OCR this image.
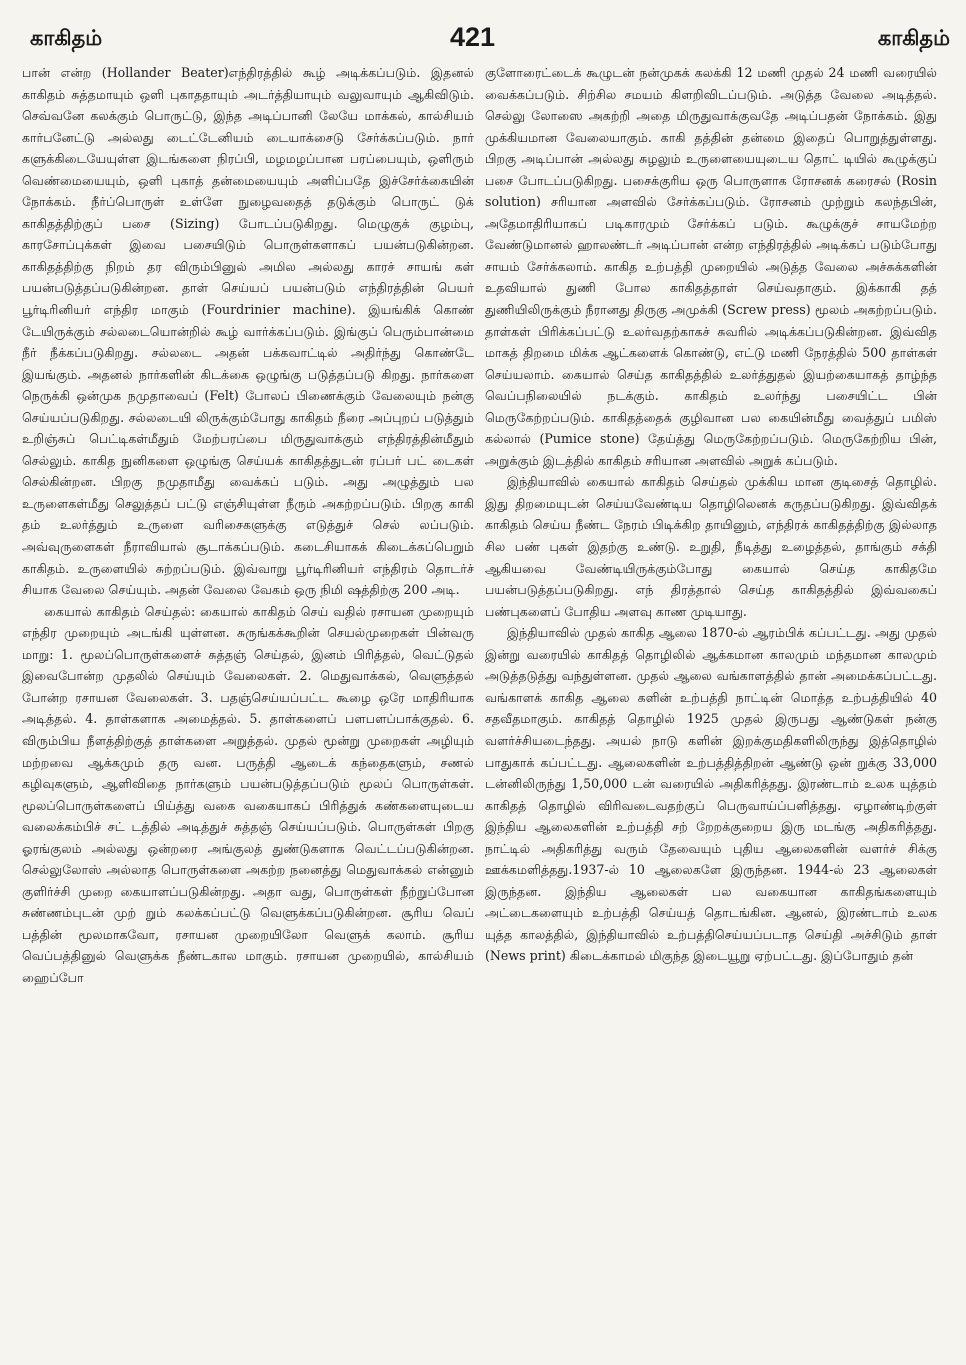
காகிதம்	421	காகிதம்

பான் என்ற (Hollander Beater)எந்திரத்தில் கூழ் அடிக்கப்படும். இதனல் காகிதம் சுத்தமாயும் ஒளி புகாததாயும் அடர்த்தியாயும் வலுவாயும் ஆகிவிடும். செவ்வனே கலக்கும் பொருட்டு, இந்த அடிப்பானி லேயே மாக்கல், கால்சியம் கார்பனேட்டு அல்லது டைட்டேனியம் டையாக்சைடு சேர்க்கப்படும். நார் களுக்கிடையேயுள்ள இடங்களை நிரப்பி, மழமழப்பான பரப்பையும், ஒளிரும் வெண்மையையும், ஒளி புகாத் தன்மையையும் அளிப்பதே இச்சேர்க்கையின் நோக்கம். நீர்ப்பொருள் உள்ளே நுழைவதைத் தடுக்கும் பொருட் டுக் காகிதத்திற்குப் பசை (Sizing) போடப்படுகிறது. மெழுகுக் குழம்பு, காரசோப்புக்கள் இவை பசையிடும் பொருள்களாகப் பயன்படுகின்றன. காகிதத்திற்கு நிறம் தர விரும்பினுல் அமில அல்லது காரச் சாயங் கள் பயன்படுத்தப்படுகின்றன. தாள் செய்யப் பயன்படும் எந்திரத்தின் பெயர் பூர்டிரினியர் எந்திர மாகும் (Fourdrinier machine). இயங்கிக் கொண் டேயிருக்கும் சல்லடையொன்றில் கூழ் வார்க்கப்படும். இங்குப் பெரும்பான்மை நீர் நீக்கப்படுகிறது. சல்லடை அதன் பக்கவாட்டில் அதிர்ந்து கொண்டே இயங்கும். அதனல் நார்களின் கிடக்கை ஒழுங்கு படுத்தப்படு கிறது. நார்களை நெருக்கி ஒன்முக நமுதாவைப் (Felt) போலப் பிணைக்கும் வேலையும் நன்கு செய்யப்படுகிறது. சல்லடையி லிருக்கும்போது காகிதம் நீரை அப்புறப் படுத்தும் உறிஞ்சுப் பெட்டிகள்மீதும் மேற்பரப்பை மிருதுவாக்கும் எந்திரத்தின்மீதும் செல்லும். காகித நுனிகளை ஒழுங்கு செய்யக் காகிதத்துடன் ரப்பர் பட் டைகள் செல்கின்றன. பிறகு நமுதாமீது வைக்கப் படும். அது அழுத்தும் பல உருளைகள்மீது செலுத்தப் பட்டு எஞ்சியுள்ள நீரும் அகற்றப்படும். பிறகு காகி தம் உலர்த்தும் உருளை வரிசைகளுக்கு எடுத்துச் செல் லப்படும். அவ்வுருளைகள் நீராவியால் சூடாக்கப்படும். கடைசியாகக் கிடைக்கப்பெறும் காகிதம். உருளையில் சுற்றப்படும். இவ்வாறு பூர்டிரினியர் எந்திரம் தொடர்ச் சியாக வேலை செய்யும். அதன் வேலை வேகம் ஒரு நிமி ஷத்திற்கு 200 அடி.

கையால் காகிதம் செய்தல்: கையால் காகிதம் செய் வதில் ரசாயன முறையும் எந்திர முறையும் அடங்கி யுள்ளன. சுருங்கக்கூறின் செயல்முறைகள் பின்வரு மாறு: 1. மூலப்பொருள்களைச் சுத்தஞ் செய்தல், இனம் பிரித்தல், வெட்டுதல் இவைபோன்ற முதலில் செய்யும் வேலைகள். 2. மெதுவாக்கல், வெளுத்தல் போன்ற ரசாயன வேலைகள். 3. பதஞ்செய்யப்பட்ட கூழை ஒரே மாதிரியாக அடித்தல். 4. தாள்களாக அமைத்தல். 5. தாள்களைப் பளபளப்பாக்குதல். 6. விரும்பிய நீளத்திற்குத் தாள்களை அறுத்தல். முதல் மூன்று முறைகள் அழியும் மற்றவை ஆக்கமும் தரு வன. பருத்தி ஆடைக் கந்தைகளும், சணல் கழிவுகளும், ஆளிவிதை நார்களும் பயன்படுத்தப்படும் மூலப் பொருள்கள். மூலப்பொருள்களைப் பிய்த்து வகை வகையாகப் பிரித்துக் கண்களையுடைய வலைக்கம்பிச் சட் டத்தில் அடித்துச் சுத்தஞ் செய்யப்படும். பொருள்கள் பிறகு ஓரங்குலம் அல்லது ஒன்றரை அங்குலத் துண்டுகளாக வெட்டப்படுகின்றன. செல்லுலோஸ் அல்லாத பொருள்களை அகற்ற நனைத்து மெதுவாக்கல் என்னும் குளிர்ச்சி முறை கையாளப்படுகின்றது. அதா வது, பொருள்கள் நீற்றுப்போன சுண்ணம்புடன் முற் றும் கலக்கப்பட்டு வெளுக்கப்படுகின்றன. சூரிய வெப் பத்தின் மூலமாகவோ, ரசாயன முறையிலோ வெளுக் கலாம். சூரிய வெப்பத்தினுல் வெளுக்க நீண்டகால மாகும். ரசாயன முறையில், கால்சியம் ஹைப்போ

குளோரைட்டைக் கூழுடன் நன்முகக் கலக்கி 12 மணி முதல் 24 மணி வரையில் வைக்கப்படும். சிற்சில சமயம் கிளறிவிடப்படும். அடுத்த வேலை அடித்தல். செல்லு லோஸை அகற்றி அதை மிருதுவாக்குவதே அடிப்பதன் நோக்கம். இது முக்கியமான வேலையாகும். காகி தத்தின் தன்மை இதைப் பொறுத்துள்ளது. பிறகு அடிப்பான் அல்லது சுழலும் உருளையையுடைய தொட் டியில் கூழுக்குப் பசை போடப்படுகிறது. பசைக்குரிய ஒரு பொருளாக ரோசனக் கரைசல் (Rosin solution) சரியான அளவில் சேர்க்கப்படும். ரோசனம் முற்றும் கலந்தபின், அதேமாதிரியாகப் படிகாரமும் சேர்க்கப் படும். கூழுக்குச் சாயமேற்ற வேண்டுமானல் ஹாலண்டர் அடிப்பான் என்ற எந்திரத்தில் அடிக்கப் படும்போது சாயம் சேர்க்கலாம். காகித உற்பத்தி முறையில் அடுத்த வேலை அச்சுக்களின் உதவியால் துணி போல காகிதத்தாள் செய்வதாகும். இக்காகி தத் துணியிலிருக்கும் நீரானது திருகு அமுக்கி (Screw press) மூலம் அகற்றப்படும். தாள்கள் பிரிக்கப்பட்டு உலர்வதற்காகச் சுவரில் அடிக்கப்படுகின்றன. இவ்வித மாகத் திறமை மிக்க ஆட்களைக் கொண்டு, எட்டு மணி நேரத்தில் 500 தாள்கள் செய்யலாம். கையால் செய்த காகிதத்தில் உலர்த்துதல் இயற்கையாகத் தாழ்ந்த வெப்பநிலையில் நடக்கும். காகிதம் உலர்ந்து பசையிட்ட பின் மெருகேற்றப்படும். காகிதத்தைக் குழிவான பல கையின்மீது வைத்துப் பமிஸ் கல்லால் (Pumice stone) தேய்த்து மெருகேற்றப்படும். மெருகேற்றிய பின், அறுக்கும் இடத்தில் காகிதம் சரியான அளவில் அறுக் கப்படும்.

இந்தியாவில் கையால் காகிதம் செய்தல் முக்கிய மான குடிசைத் தொழில். இது திறமையுடன் செய்யவேண்டிய தொழிலெனக் கருதப்படுகிறது. இவ்விதக் காகிதம் செய்ய நீண்ட நேரம் பிடிக்கிற தாயினும், எந்திரக் காகிதத்திற்கு இல்லாத சில பண் புகள் இதற்கு உண்டு. உறுதி, நீடித்து உழைத்தல், தாங்கும் சக்தி ஆகியவை வேண்டியிருக்கும்போது கையால் செய்த காகிதமே பயன்படுத்தப்படுகிறது. எந் திரத்தால் செய்த காகிதத்தில் இவ்வகைப் பண்புகளைப் போதிய அளவு காண முடியாது.

இந்தியாவில் முதல் காகித ஆலை 1870-ல் ஆரம்பிக் கப்பட்டது. அது முதல் இன்று வரையில் காகிதத் தொழிலில் ஆக்கமான காலமும் மந்தமான காலமும் அடுத்தடுத்து வந்துள்ளன. முதல் ஆலை வங்காளத்தில் தான் அமைக்கப்பட்டது. வங்காளக் காகித ஆலை களின் உற்பத்தி நாட்டின் மொத்த உற்பத்தியில் 40 சதவீதமாகும். காகிதத் தொழில் 1925 முதல் இருபது ஆண்டுகள் நன்கு வளர்ச்சியடைந்தது. அயல் நாடு களின் இறக்குமதிகளிலிருந்து இத்தொழில் பாதுகாக் கப்பட்டது. ஆலைகளின் உற்பத்தித்திறன் ஆண்டு ஒன் றுக்கு 33,000 டன்னிலிருந்து 1,50,000 டன் வரையில் அதிகரித்தது. இரண்டாம் உலக யுத்தம் காகிதத் தொழில் விரிவடைவதற்குப் பெருவாய்ப்பளித்தது. ஏழாண்டிற்குள் இந்திய ஆலைகளின் உற்பத்தி சற் றேறக்குறைய இரு மடங்கு அதிகரித்தது. நாட்டில் அதிகரித்து வரும் தேவையும் புதிய ஆலைகளின் வளர்ச் சிக்கு ஊக்கமளித்தது.1937-ல் 10 ஆலைகளே இருந்தன. 1944-ல் 23 ஆலைகள் இருந்தன. இந்திய ஆலைகள் பல வகையான காகிதங்களையும் அட்டைகளையும் உற்பத்தி செய்யத் தொடங்கின. ஆனல், இரண்டாம் உலக யுத்த காலத்தில், இந்தியாவில் உற்பத்திசெய்யப்படாத செய்தி அச்சிடும் தாள் (News print) கிடைக்காமல் மிகுந்த இடையூறு ஏற்பட்டது. இப்போதும் தன்
